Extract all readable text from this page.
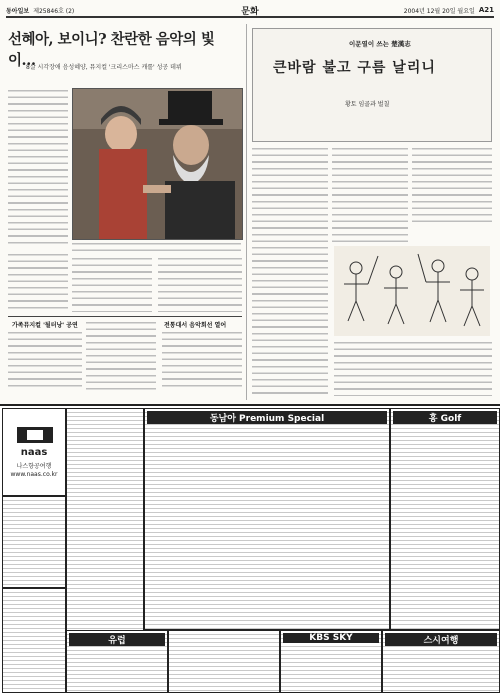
동아일보 제25846호 (2)	문화	2004년 12월 20일 월요일 A21
선혜아, 보이니? 찬란한 음악의 빛이…
8살 시각장애 음성혜양, 뮤지컬 '크리스마스 캐롤' 성공 데뷔
가족뮤지컬 '될터낭' 공연	전통대서 음악회선 열어
이문열이 쓰는 楚漢志
큰바람 불고 구름 날리니
황토 임골과 벌칠
naas
나스항공여행
www.naas.co.kr
동남아 Premium Special	홍 Golf
유럽	KBS SKY	스시여행
